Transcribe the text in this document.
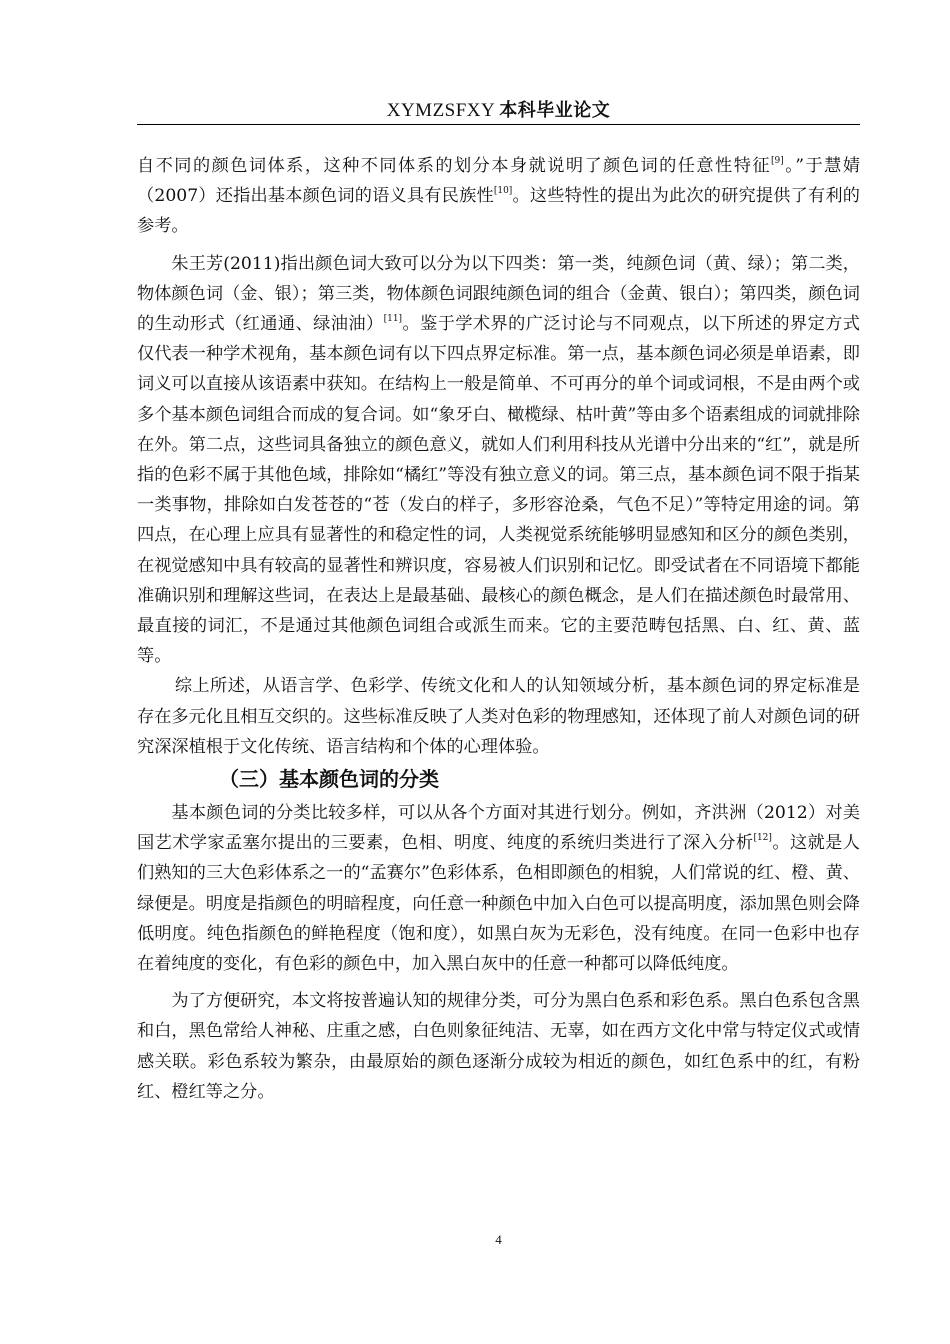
XYMZSFXY 本科毕业论文

自不同的颜色词体系，这种不同体系的划分本身就说明了颜色词的任意性特征[9]。”于慧婧（2007）还指出基本颜色词的语义具有民族性[10]。这些特性的提出为此次的研究提供了有利的参考。

朱王芳(2011)指出颜色词大致可以分为以下四类：第一类，纯颜色词（黄、绿）；第二类，物体颜色词（金、银）；第三类，物体颜色词跟纯颜色词的组合（金黄、银白）；第四类，颜色词的生动形式（红通通、绿油油）[11]。鉴于学术界的广泛讨论与不同观点，以下所述的界定方式仅代表一种学术视角，基本颜色词有以下四点界定标准。第一点，基本颜色词必须是单语素，即词义可以直接从该语素中获知。在结构上一般是简单、不可再分的单个词或词根，不是由两个或多个基本颜色词组合而成的复合词。如“象牙白、橄榄绿、枯叶黄”等由多个语素组成的词就排除在外。第二点，这些词具备独立的颜色意义，就如人们利用科技从光谱中分出来的“红”，就是所指的色彩不属于其他色域，排除如“橘红”等没有独立意义的词。第三点，基本颜色词不限于指某一类事物，排除如白发苍苍的“苍（发白的样子，多形容沧桑，气色不足）”等特定用途的词。第四点，在心理上应具有显著性的和稳定性的词，人类视觉系统能够明显感知和区分的颜色类别，在视觉感知中具有较高的显著性和辨识度，容易被人们识别和记忆。即受试者在不同语境下都能准确识别和理解这些词，在表达上是最基础、最核心的颜色概念，是人们在描述颜色时最常用、最直接的词汇，不是通过其他颜色词组合或派生而来。它的主要范畴包括黑、白、红、黄、蓝等。

综上所述，从语言学、色彩学、传统文化和人的认知领域分析，基本颜色词的界定标准是存在多元化且相互交织的。这些标准反映了人类对色彩的物理感知，还体现了前人对颜色词的研究深深植根于文化传统、语言结构和个体的心理体验。

（三）基本颜色词的分类

基本颜色词的分类比较多样，可以从各个方面对其进行划分。例如，齐洪洲（2012）对美国艺术学家孟塞尔提出的三要素，色相、明度、纯度的系统归类进行了深入分析[12]。这就是人们熟知的三大色彩体系之一的“孟赛尔”色彩体系，色相即颜色的相貌，人们常说的红、橙、黄、绿便是。明度是指颜色的明暗程度，向任意一种颜色中加入白色可以提高明度，添加黑色则会降低明度。纯色指颜色的鲜艳程度（饱和度），如黑白灰为无彩色，没有纯度。在同一色彩中也存在着纯度的变化，有色彩的颜色中，加入黑白灰中的任意一种都可以降低纯度。

为了方便研究，本文将按普遍认知的规律分类，可分为黑白色系和彩色系。黑白色系包含黑和白，黑色常给人神秘、庄重之感，白色则象征纯洁、无辜，如在西方文化中常与特定仪式或情感关联。彩色系较为繁杂，由最原始的颜色逐渐分成较为相近的颜色，如红色系中的红，有粉红、橙红等之分。

4
